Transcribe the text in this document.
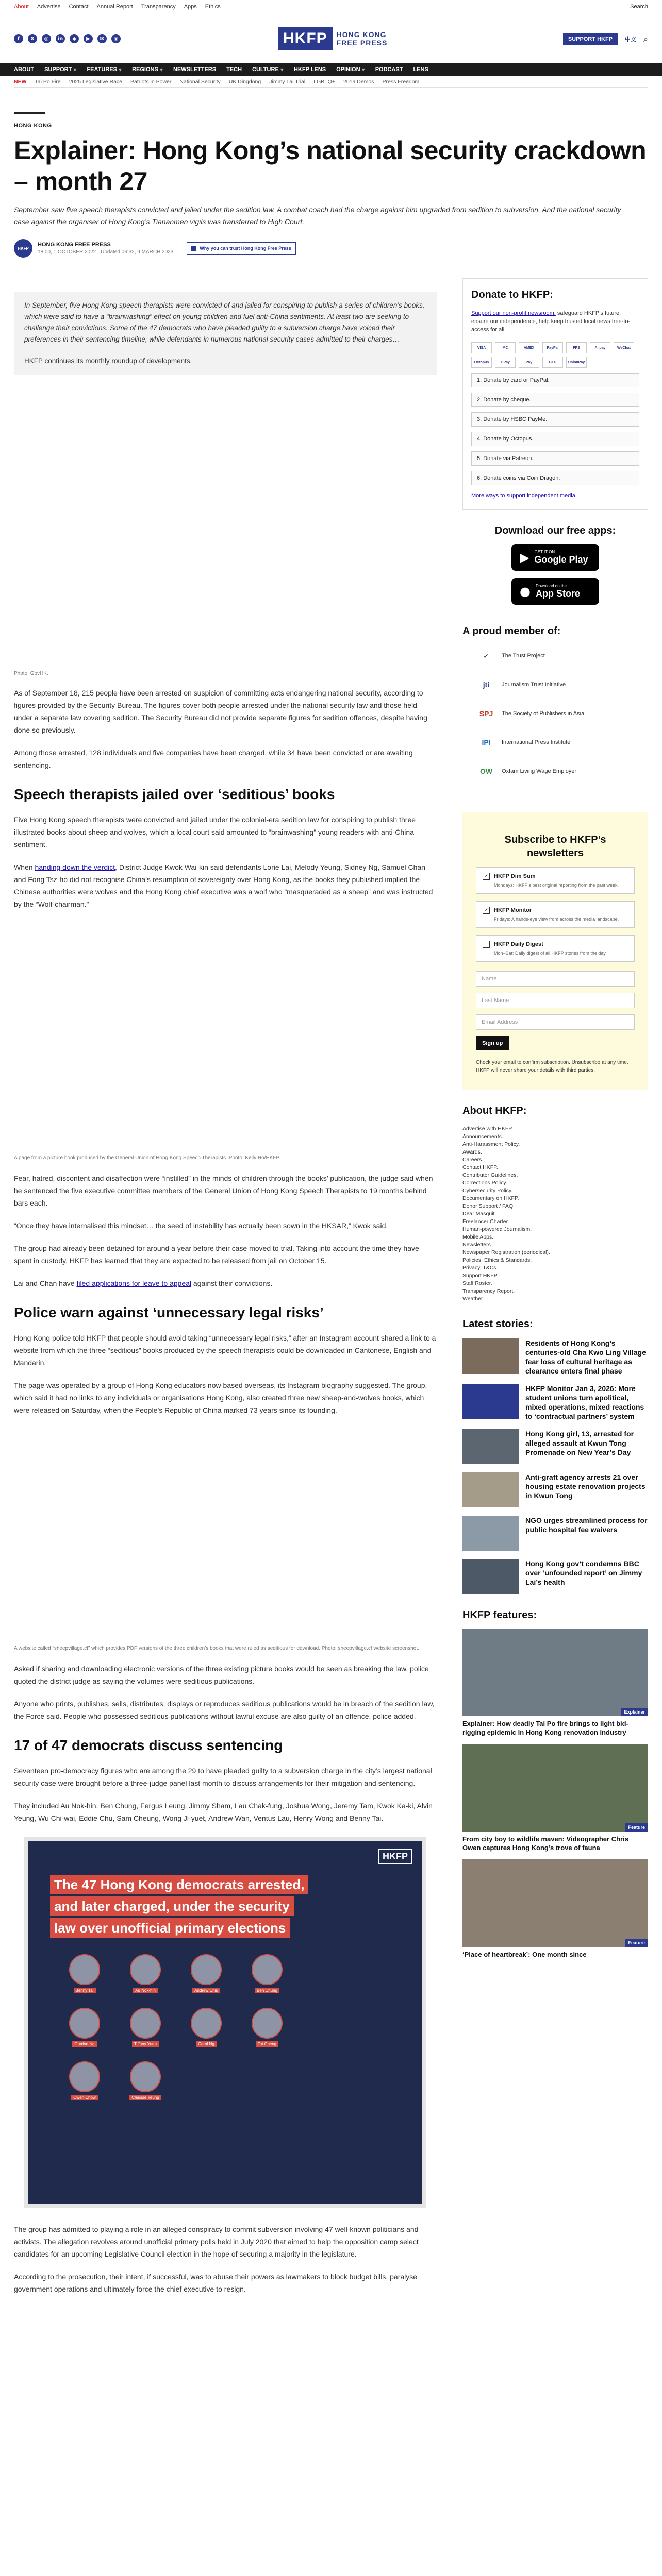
About Advertise Contact Annual Report Transparency Apps Ethics	Search
f	X	◎	in	◆	▶	✉	◉	HKFP	HONG KONG
FREE PRESS	SUPPORT HKFP	中文 ⌕
ABOUT SUPPORT ▼ FEATURES ▼ REGIONS ▼ NEWSLETTERS TECH CULTURE ▼ HKFP LENS OPINION ▼ PODCAST LENS
NEW Tai Po Fire 2025 Legislative Race Patriots in Power National Security UK Dingdong Jimmy Lai Trial LGBTQ+ 2019 Demos Press Freedom
HONG KONG
Explainer: Hong Kong’s national security crackdown – month 27

September saw five speech therapists convicted and jailed under the sedition law. A combat coach had the charge against him upgraded from sedition to subversion. And the national security case against the organiser of Hong Kong’s Tiananmen vigils was transferred to High Court.

HKFP
HONG KONG FREE PRESS
18:00, 1 OCTOBER 2022 · Updated 06:32, 9 MARCH 2023
Why you can trust Hong Kong Free Press

In September, five Hong Kong speech therapists were convicted of and jailed for conspiring to publish a series of children’s books, which were said to have a “brainwashing” effect on young children and fuel anti-China sentiments. At least two are seeking to challenge their convictions. Some of the 47 democrats who have pleaded guilty to a subversion charge have voiced their preferences in their sentencing timeline, while defendants in numerous national security cases admitted to their charges…

HKFP continues its monthly roundup of developments.

Photo: GovHK.

As of September 18, 215 people have been arrested on suspicion of committing acts endangering national security, according to figures provided by the Security Bureau. The figures cover both people arrested under the national security law and those held under a separate law covering sedition. The Security Bureau did not provide separate figures for sedition offences, despite having done so previously.

Among those arrested, 128 individuals and five companies have been charged, while 34 have been convicted or are awaiting sentencing.

Speech therapists jailed over ‘seditious’ books

Five Hong Kong speech therapists were convicted and jailed under the colonial-era sedition law for conspiring to publish three illustrated books about sheep and wolves, which a local court said amounted to “brainwashing” young readers with anti-China sentiment.

When handing down the verdict, District Judge Kwok Wai-kin said defendants Lorie Lai, Melody Yeung, Sidney Ng, Samuel Chan and Fong Tsz-ho did not recognise China’s resumption of sovereignty over Hong Kong, as the books they published implied the Chinese authorities were wolves and the Hong Kong chief executive was a wolf who “masqueraded as a sheep” and was instructed by the “Wolf-chairman.”

A page from a picture book produced by the General Union of Hong Kong Speech Therapists. Photo: Kelly Ho/HKFP.

Fear, hatred, discontent and disaffection were “instilled” in the minds of children through the books’ publication, the judge said when he sentenced the five executive committee members of the General Union of Hong Kong Speech Therapists to 19 months behind bars each.

“Once they have internalised this mindset… the seed of instability has actually been sown in the HKSAR,” Kwok said.

The group had already been detained for around a year before their case moved to trial. Taking into account the time they have spent in custody, HKFP has learned that they are expected to be released from jail on October 15.

Lai and Chan have filed applications for leave to appeal against their convictions.

Police warn against ‘unnecessary legal risks’

Hong Kong police told HKFP that people should avoid taking “unnecessary legal risks,” after an Instagram account shared a link to a website from which the three “seditious” books produced by the speech therapists could be downloaded in Cantonese, English and Mandarin.

The page was operated by a group of Hong Kong educators now based overseas, its Instagram biography suggested. The group, which said it had no links to any individuals or organisations Hong Kong, also created three new sheep-and-wolves books, which were released on Saturday, when the People’s Republic of China marked 73 years since its founding.

A website called “sheepvillage.cf” which provides PDF versions of the three children’s books that were ruled as seditious for download. Photo: sheepvillage.cf website screenshot.

Asked if sharing and downloading electronic versions of the three existing picture books would be seen as breaking the law, police quoted the district judge as saying the volumes were seditious publications.

Anyone who prints, publishes, sells, distributes, displays or reproduces seditious publications would be in breach of the sedition law, the Force said. People who possessed seditious publications without lawful excuse are also guilty of an offence, police added.

17 of 47 democrats discuss sentencing

Seventeen pro-democracy figures who are among the 29 to have pleaded guilty to a subversion charge in the city’s largest national security case were brought before a three-judge panel last month to discuss arrangements for their mitigation and sentencing.

They included Au Nok-hin, Ben Chung, Fergus Leung, Jimmy Sham, Lau Chak-fung, Joshua Wong, Jeremy Tam, Kwok Ka-ki, Alvin Yeung, Wu Chi-wai, Eddie Chu, Sam Cheung, Wong Ji-yuet, Andrew Wan, Ventus Lau, Henry Wong and Benny Tai.

HKFP
The 47 Hong Kong democrats arrested, and later charged, under the security law over unofficial primary elections
Benny Tai	Au Nok-hin	Andrew Chiu	Ben Chung
Gordon Ng	Tiffany Yuen	Carol Ng	Tat Cheng
Owen Chow	Clarisse Yeung

The group has admitted to playing a role in an alleged conspiracy to commit subversion involving 47 well-known politicians and activists. The allegation revolves around unofficial primary polls held in July 2020 that aimed to help the opposition camp select candidates for an upcoming Legislative Council election in the hope of securing a majority in the legislature.

According to the prosecution, their intent, if successful, was to abuse their powers as lawmakers to block budget bills, paralyse government operations and ultimately force the chief executive to resign.

Donate to HKFP:

Support our non-profit newsroom: safeguard HKFP’s future, ensure our independence, help keep trusted local news free-to-access for all.

VISA	MC	AMEX	PayPal	FPS	Alipay	WeChat
Octopus	GPay	Pay	BTC	UnionPay
1. Donate by card or PayPal.
2. Donate by cheque.
3. Donate by HSBC PayMe.
4. Donate by Octopus.
5. Donate via Patreon.
6. Donate coins via Coin Dragon.
More ways to support independent media.
Download our free apps:
▶ GET IT ON
Google Play
● Download on the
App Store
A proud member of:
✓	The Trust Project
jti	Journalism Trust Initiative
SPJ	The Society of Publishers in Asia
IPI	International Press Institute
OW	Oxfam Living Wage Employer
Subscribe to HKFP’s newsletters
✓ HKFP Dim Sum
Mondays: HKFP’s best original reporting from the past week.
✓ HKFP Monitor
Fridays: A hands-eye view from across the media landscape.
HKFP Daily Digest
Mon–Sat: Daily digest of all HKFP stories from the day.
Name
Last Name
Email Address
Sign up

Check your email to confirm subscription. Unsubscribe at any time. HKFP will never share your details with third parties.

About HKFP:
Advertise with HKFP.
Announcements.
Anti-Harassment Policy.
Awards.
Careers.
Contact HKFP.
Contributor Guidelines.
Corrections Policy.
Cybersecurity Policy.
Documentary on HKFP.
Donor Support / FAQ.
Dear Masquit.
Freelancer Charter.
Human-powered Journalism.
Mobile Apps.
Newsletters.
Newspaper Registration (periodical).
Policies, Ethics & Standards.
Privacy, T&Cs.
Support HKFP.
Staff Roster.
Transparency Report.
Weather.
Latest stories:
Residents of Hong Kong’s centuries-old Cha Kwo Ling Village fear loss of cultural heritage as clearance enters final phase
HKFP Monitor Jan 3, 2026: More student unions turn apolitical, mixed operations, mixed reactions to ‘contractual partners’ system
Hong Kong girl, 13, arrested for alleged assault at Kwun Tong Promenade on New Year’s Day
Anti-graft agency arrests 21 over housing estate renovation projects in Kwun Tong
NGO urges streamlined process for public hospital fee waivers
Hong Kong gov’t condemns BBC over ‘unfounded report’ on Jimmy Lai’s health
HKFP features:
Explainer
Explainer: How deadly Tai Po fire brings to light bid-rigging epidemic in Hong Kong renovation industry
Feature
From city boy to wildlife maven: Videographer Chris Owen captures Hong Kong’s trove of fauna
Feature
‘Place of heartbreak’: One month since
